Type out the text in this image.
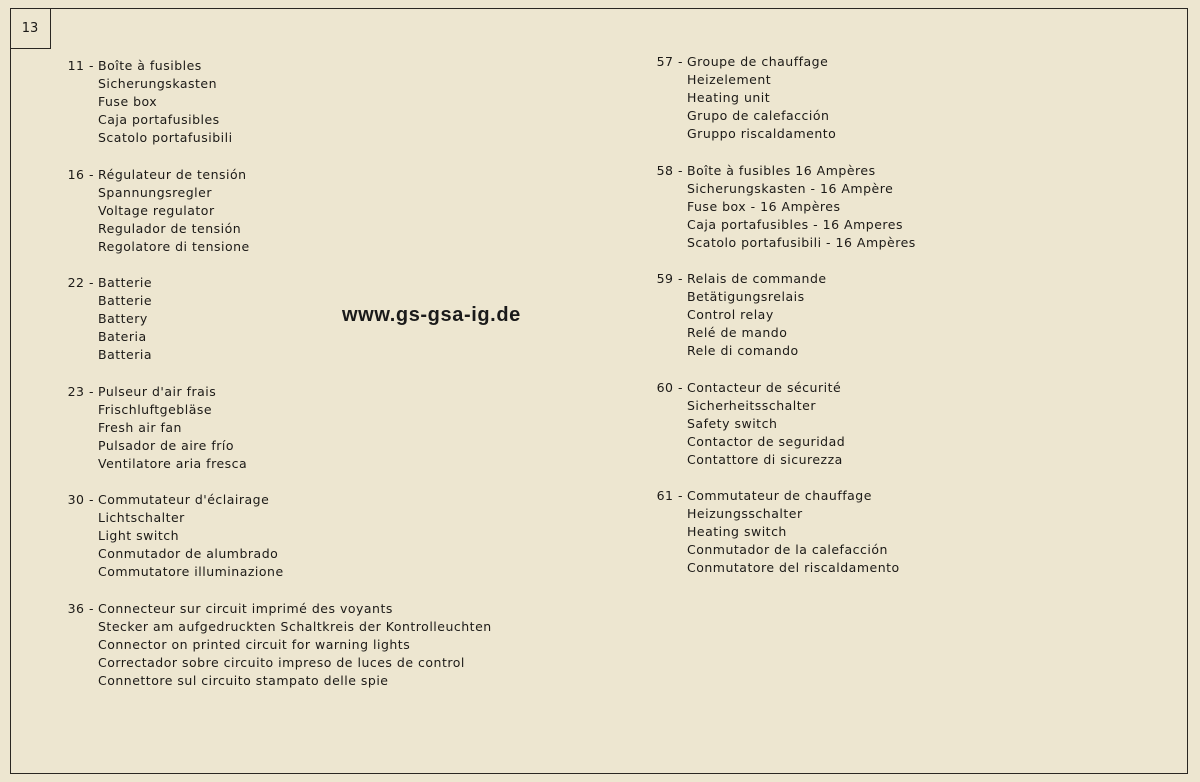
13
11 - Boîte à fusibles
Sicherungskasten
Fuse box
Caja portafusibles
Scatolo portafusibili
16 - Régulateur de tensión
Spannungsregler
Voltage regulator
Regulador de tensión
Regolatore di tensione
22 - Batterie
Batterie
Battery
Bateria
Batteria
23 - Pulseur d'air frais
Frischluftgebläse
Fresh air fan
Pulsador de aire frío
Ventilatore aria fresca
30 - Commutateur d'éclairage
Lichtschalter
Light switch
Conmutador de alumbrado
Commutatore illuminazione
36 - Connecteur sur circuit imprimé des voyants
Stecker am aufgedruckten Schaltkreis der Kontrolleuchten
Connector on printed circuit for warning lights
Correctador sobre circuito impreso de luces de control
Connettore sul circuito stampato delle spie
57 - Groupe de chauffage
Heizelement
Heating unit
Grupo de calefacción
Gruppo riscaldamento
58 - Boîte à fusibles 16 Ampères
Sicherungskasten - 16 Ampère
Fuse box - 16 Ampères
Caja portafusibles - 16 Amperes
Scatolo portafusibili - 16 Ampères
59 - Relais de commande
Betätigungsrelais
Control relay
Relé de mando
Rele di comando
60 - Contacteur de sécurité
Sicherheitsschalter
Safety switch
Contactor de seguridad
Contattore di sicurezza
61 - Commutateur de chauffage
Heizungsschalter
Heating switch
Conmutador de la calefacción
Conmutatore del riscaldamento
www.gs-gsa-ig.de
